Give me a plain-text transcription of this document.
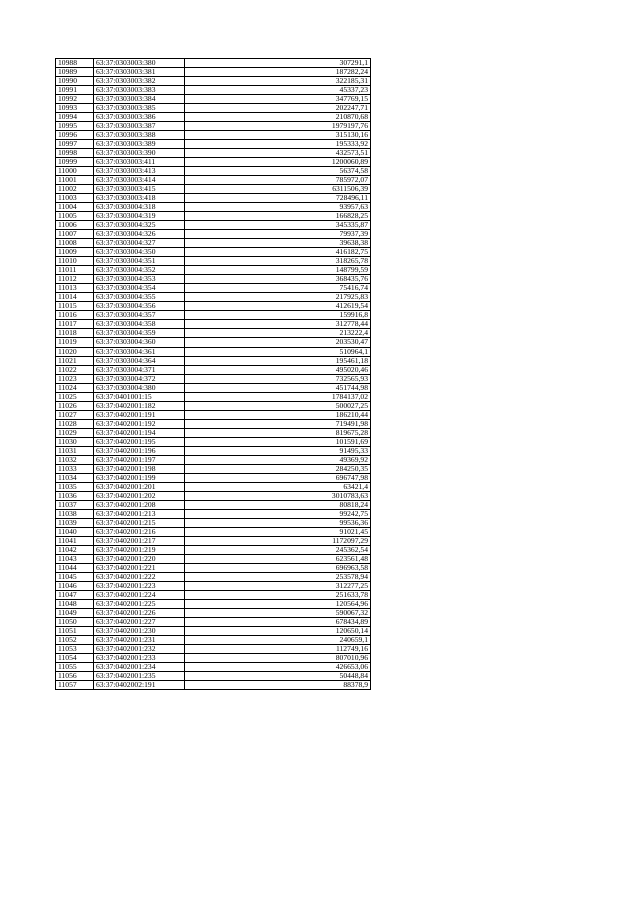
10988	63:37:0303003:380	307291,1
10989	63:37:0303003:381	187282,24
10990	63:37:0303003:382	322185,31
10991	63:37:0303003:383	45337,23
10992	63:37:0303003:384	347769,15
10993	63:37:0303003:385	202247,71
10994	63:37:0303003:386	210870,68
10995	63:37:0303003:387	1979197,76
10996	63:37:0303003:388	315130,16
10997	63:37:0303003:389	195333,92
10998	63:37:0303003:390	432573,51
10999	63:37:0303003:411	1200060,89
11000	63:37:0303003:413	56374,58
11001	63:37:0303003:414	785972,07
11002	63:37:0303003:415	6311506,39
11003	63:37:0303003:418	728496,11
11004	63:37:0303004:318	93957,63
11005	63:37:0303004:319	166828,25
11006	63:37:0303004:325	345335,87
11007	63:37:0303004:326	79937,39
11008	63:37:0303004:327	39638,38
11009	63:37:0303004:350	416182,75
11010	63:37:0303004:351	318265,78
11011	63:37:0303004:352	148799,59
11012	63:37:0303004:353	368435,76
11013	63:37:0303004:354	75416,74
11014	63:37:0303004:355	217925,83
11015	63:37:0303004:356	412619,54
11016	63:37:0303004:357	159916,8
11017	63:37:0303004:358	312778,44
11018	63:37:0303004:359	213222,4
11019	63:37:0303004:360	203530,47
11020	63:37:0303004:361	510964,1
11021	63:37:0303004:364	195461,18
11022	63:37:0303004:371	495020,46
11023	63:37:0303004:372	732565,93
11024	63:37:0303004:380	451744,98
11025	63:37:0401001:15	1784137,02
11026	63:37:0402001:182	500027,25
11027	63:37:0402001:191	186210,44
11028	63:37:0402001:192	719491,98
11029	63:37:0402001:194	819675,28
11030	63:37:0402001:195	101591,69
11031	63:37:0402001:196	91495,33
11032	63:37:0402001:197	49369,92
11033	63:37:0402001:198	284250,35
11034	63:37:0402001:199	696747,98
11035	63:37:0402001:201	63421,4
11036	63:37:0402001:202	3010783,63
11037	63:37:0402001:208	80818,24
11038	63:37:0402001:213	99242,75
11039	63:37:0402001:215	99536,36
11040	63:37:0402001:216	91021,45
11041	63:37:0402001:217	1172097,29
11042	63:37:0402001:219	245362,54
11043	63:37:0402001:220	623561,48
11044	63:37:0402001:221	696963,58
11045	63:37:0402001:222	253578,94
11046	63:37:0402001:223	312277,25
11047	63:37:0402001:224	251633,78
11048	63:37:0402001:225	120564,96
11049	63:37:0402001:226	590067,32
11050	63:37:0402001:227	678434,89
11051	63:37:0402001:230	120650,14
11052	63:37:0402001:231	240659,1
11053	63:37:0402001:232	112749,16
11054	63:37:0402001:233	807010,96
11055	63:37:0402001:234	426653,06
11056	63:37:0402001:235	50448,84
11057	63:37:0402002:191	88378,9
